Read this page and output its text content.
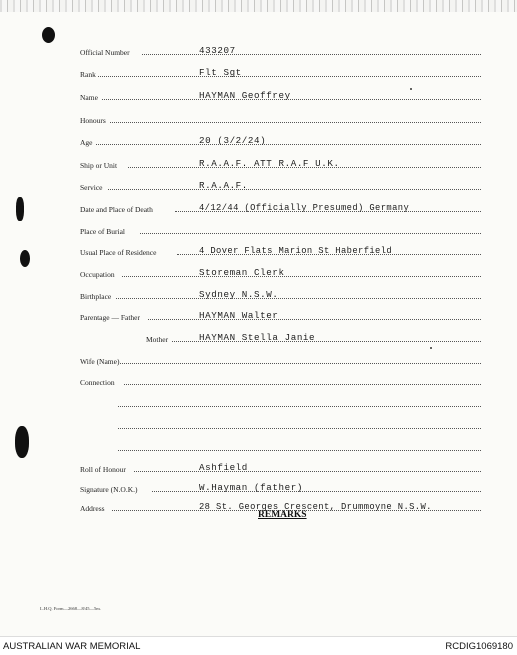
Official Number	433207
Rank	Flt Sgt
Name	HAYMAN Geoffrey
Honours
Age	20 (3/2/24)
Ship or Unit	R.A.A.F. ATT R.A.F U.K.
Service	R.A.A.F.
Date and Place of Death	4/12/44 (Officially Presumed) Germany
Place of Burial
Usual Place of Residence	4 Dover Flats Marion St Haberfield
Occupation	Storeman Clerk
Birthplace	Sydney N.S.W.
Parentage — Father	HAYMAN Walter
Mother	HAYMAN Stella Janie
Wife (Name)
Connection
Roll of Honour	Ashfield
Signature (N.O.K.)	W.Hayman (father)
Address	28 St. Georges Crescent, Drummoyne N.S.W.
REMARKS
L.H.Q. Form—2668—8/45—5m.
AUSTRALIAN WAR MEMORIAL	RCDIG1069180
